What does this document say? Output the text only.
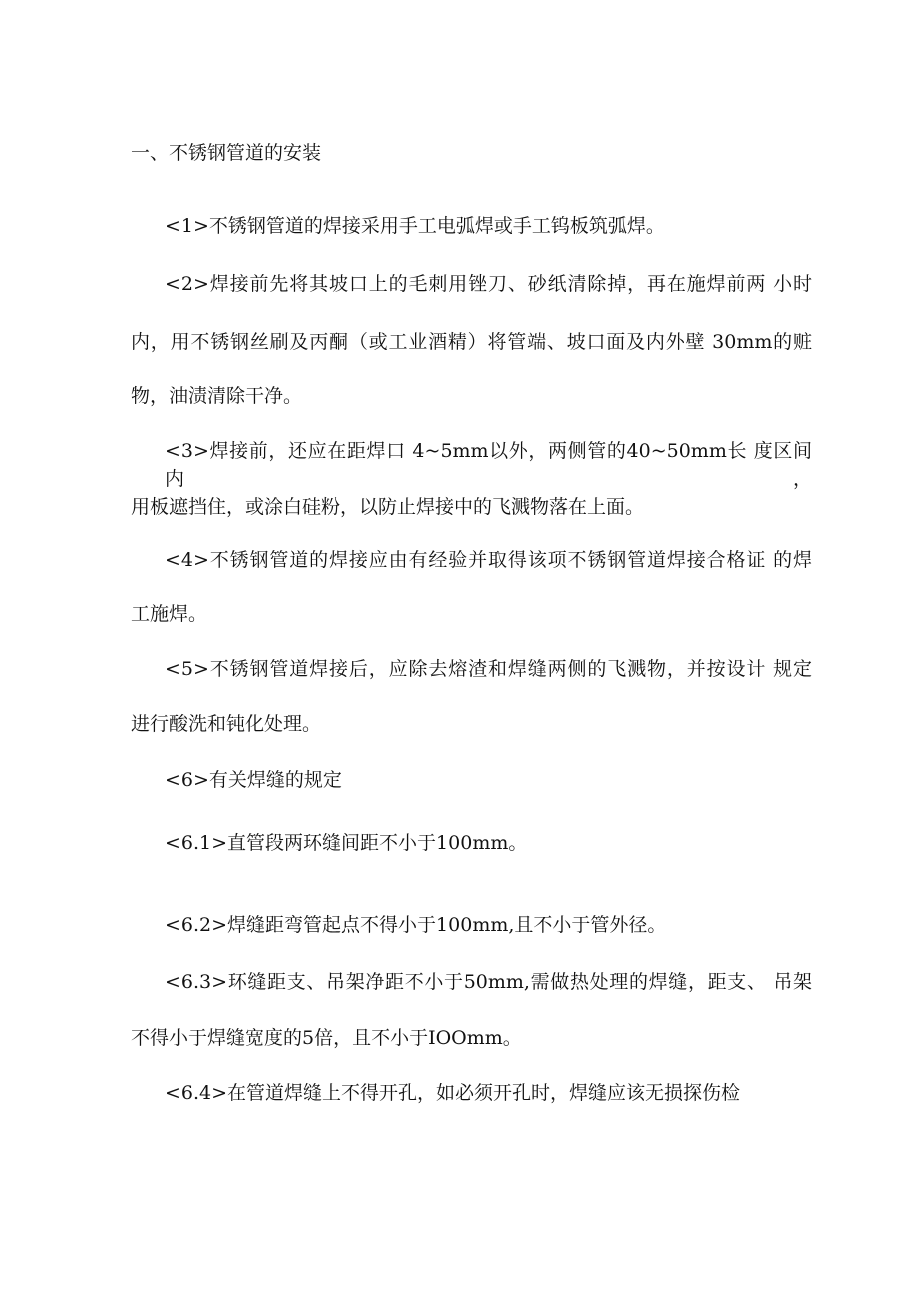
一、不锈钢管道的安装
<1>不锈钢管道的焊接采用手工电弧焊或手工钨板筑弧焊。
<2>焊接前先将其坡口上的毛刺用锉刀、砂纸清除掉，再在施焊前两 小时
内，用不锈钢丝刷及丙酮（或工业酒精）将管端、坡口面及内外壁 30mm的赃
物，油渍清除干净。
<3>焊接前，还应在距焊口 4~5mm以外，两侧管的40~50mm长 度区间内，
用板遮挡住，或涂白硅粉，以防止焊接中的飞溅物落在上面。
<4>不锈钢管道的焊接应由有经验并取得该项不锈钢管道焊接合格证 的焊
工施焊。
<5>不锈钢管道焊接后，应除去熔渣和焊缝两侧的飞溅物，并按设计 规定
进行酸洗和钝化处理。
<6>有关焊缝的规定
<6.1>直管段两环缝间距不小于100mm。
<6.2>焊缝距弯管起点不得小于100mm,且不小于管外径。
<6.3>环缝距支、吊架净距不小于50mm,需做热处理的焊缝，距支、 吊架
不得小于焊缝宽度的5倍，且不小于IOOmm。
<6.4>在管道焊缝上不得开孔，如必须开孔时，焊缝应该无损探伤检
